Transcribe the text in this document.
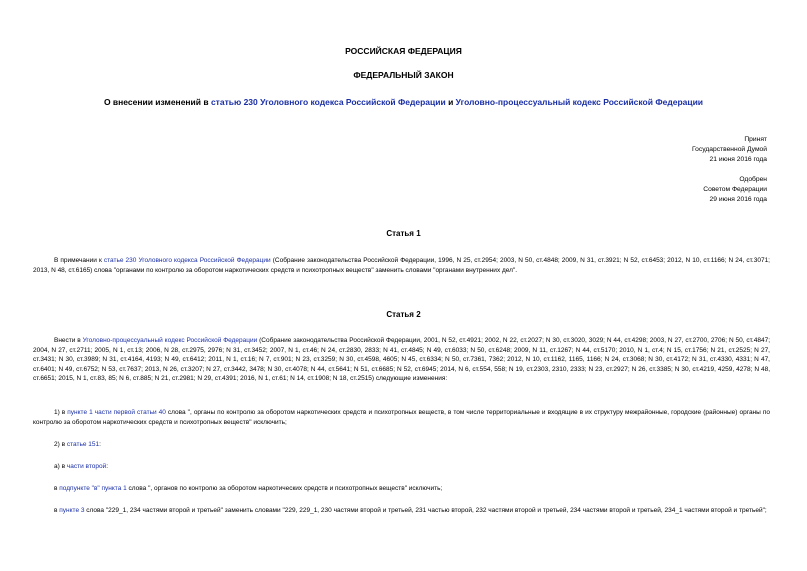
РОССИЙСКАЯ ФЕДЕРАЦИЯ
ФЕДЕРАЛЬНЫЙ ЗАКОН
О внесении изменений в статью 230 Уголовного кодекса Российской Федерации и Уголовно-процессуальный кодекс Российской Федерации
Принят
Государственной Думой
21 июня 2016 года
Одобрен
Советом Федерации
29 июня 2016 года
Статья 1
В примечании к статье 230 Уголовного кодекса Российской Федерации (Собрание законодательства Российской Федерации, 1996, N 25, ст.2954; 2003, N 50, ст.4848; 2009, N 31, ст.3921; N 52, ст.6453; 2012, N 10, ст.1166; N 24, ст.3071; 2013, N 48, ст.6165) слова "органами по контролю за оборотом наркотических средств и психотропных веществ" заменить словами "органами внутренних дел".
Статья 2
Внести в Уголовно-процессуальный кодекс Российской Федерации (Собрание законодательства Российской Федерации, 2001, N 52, ст.4921; 2002, N 22, ст.2027; N 30, ст.3020, 3029; N 44, ст.4298; 2003, N 27, ст.2700, 2706; N 50, ст.4847; 2004, N 27, ст.2711; 2005, N 1, ст.13; 2006, N 28, ст.2975, 2976; N 31, ст.3452; 2007, N 1, ст.46; N 24, ст.2830, 2833; N 41, ст.4845; N 49, ст.6033; N 50, ст.6248; 2009, N 11, ст.1267; N 44, ст.5170; 2010, N 1, ст.4; N 15, ст.1756; N 21, ст.2525; N 27, ст.3431; N 30, ст.3989; N 31, ст.4164, 4193; N 49, ст.6412; 2011, N 1, ст.16; N 7, ст.901; N 23, ст.3259; N 30, ст.4598, 4605; N 45, ст.6334; N 50, ст.7361, 7362; 2012, N 10, ст.1162, 1165, 1166; N 24, ст.3068; N 30, ст.4172; N 31, ст.4330, 4331; N 47, ст.6401; N 49, ст.6752; N 53, ст.7637; 2013, N 26, ст.3207; N 27, ст.3442, 3478; N 30, ст.4078; N 44, ст.5641; N 51, ст.6685; N 52, ст.6945; 2014, N 6, ст.554, 558; N 19, ст.2303, 2310, 2333; N 23, ст.2927; N 26, ст.3385; N 30, ст.4219, 4259, 4278; N 48, ст.6651; 2015, N 1, ст.83, 85; N 6, ст.885; N 21, ст.2981; N 29, ст.4391; 2016, N 1, ст.61; N 14, ст.1908; N 18, ст.2515) следующие изменения:
1) в пункте 1 части первой статьи 40 слова ", органы по контролю за оборотом наркотических средств и психотропных веществ, в том числе территориальные и входящие в их структуру межрайонные, городские (районные) органы по контролю за оборотом наркотических средств и психотропных веществ" исключить;
2) в статье 151:
а) в части второй:
в подпункте "в" пункта 1 слова ", органов по контролю за оборотом наркотических средств и психотропных веществ" исключить;
в пункте 3 слова "229_1, 234 частями второй и третьей" заменить словами "229, 229_1, 230 частями второй и третьей, 231 частью второй, 232 частями второй и третьей, 234 частями второй и третьей, 234_1 частями второй и третьей";
